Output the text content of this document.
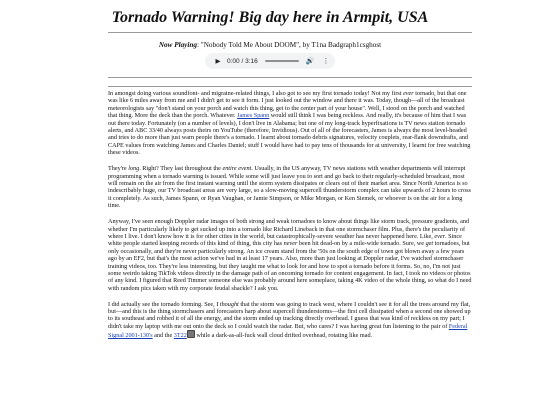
Tornado Warning! Big day here in Armpit, USA
Now Playing: "Nobody Told Me About DOOM", by T1na Badgraph1csghost
▶ 0:00 / 3:16	🔊 ⋮

In amongst doing various soundfont- and migraine-related things, I also got to see my first tornado today! Not my first ever tornado, but that one was like 6 miles away from me and I didn't get to see it form. I just looked out the window and there it was. Today, though—all of the broadcast meteorologists say "don't stand on your porch and watch this thing, get to the center part of your house". Well, I stood on the porch and watched that thing. More the deck than the porch. Whatever. James Spann would still think I was being reckless. And really, it's because of him that I was out there today. Fortunately (on a number of levels), I don't live in Alabama; but one of my long-track hyperfixations is TV news station tornado alerts, and ABC 33/40 always posts theirs on YouTube (therefore, Invidious). Out of all of the forecasters, James is always the most level-headed and tries to do more than just warn people there's a tornado. I learnt about tornado debris signatures, velocity couplets, rear-flank downdrafts, and CAPE values from watching James and Charles Daniel; stuff I would have had to pay tens of thousands for at university, I learnt for free watching these videos.

They're long. Right? They last throughout the entire event. Usually, in the US anyway, TV news stations with weather departments will interrupt programming when a tornado warning is issued. While some will just leave you to sort and go back to their regularly-scheduled broadcast, most will remain on the air from the first instant warning until the storm system dissipates or clears out of their market area. Since North America is so indescribably huge, our TV broadcast areas are very large, so a slow-moving supercell thunderstorm complex can take upwards of 2 hours to cross it completely. As such, James Spann, or Ryan Vaughan, or Jamie Simpson, or Mike Morgan, or Ken Siemek, or whoever is on the air for a long time.

Anyway, I've seen enough Doppler radar images of both strong and weak tornadoes to know about things like storm track, pressure gradients, and whether I'm particularly likely to get sucked up into a tornado like Richard Lineback in that one stormchaser film. Plus, there's the peculiarity of where I live. I don't know how it is for other cities in the world, but catastrophically-severe weather has never happened here. Like, ever. Since white people started keeping records of this kind of thing, this city has never been hit dead-on by a mile-wide tornado. Sure, we get tornadoes, but only occasionally, and they're never particularly strong. An ice cream stand from the '50s on the south edge of town got blown away a few years ago by an EF2, but that's the most action we've had in at least 17 years. Also, more than just looking at Doppler radar, I've watched stormchaser training videos, too. They're less interesting, but they taught me what to look for and how to spot a tornado before it forms. So, no, I'm not just some weirdo taking TikTok videos directly in the damage path of an oncoming tornado for content engagement. In fact, I took no videos or photos of any kind. I figured that Reed Timmer someone else was probably around here someplace, taking 4K video of the whole thing, so what do I need with random pics taken with my corporate feudal shackle? I ask you.

I did actually see the tornado forming. See, I thought that the storm was going to track west, where I couldn't see it for all the trees around my flat, but—and this is the thing stormchasers and forecasters harp about supercell thunderstorms—the first cell dissipated when a second one showed up to its southeast and robbed it of all the energy, and the storm ended up tracking directly overhead. I guess that was kind of reckless on my part; I didn't take my laptop with me out onto the deck so I could watch the radar. But, who cares? I was having great fun listening to the pair of Federal Signal 2001-130's and the 3T22 while a dark-as-all-fuck wall cloud drifted overhead, rotating like mad.
